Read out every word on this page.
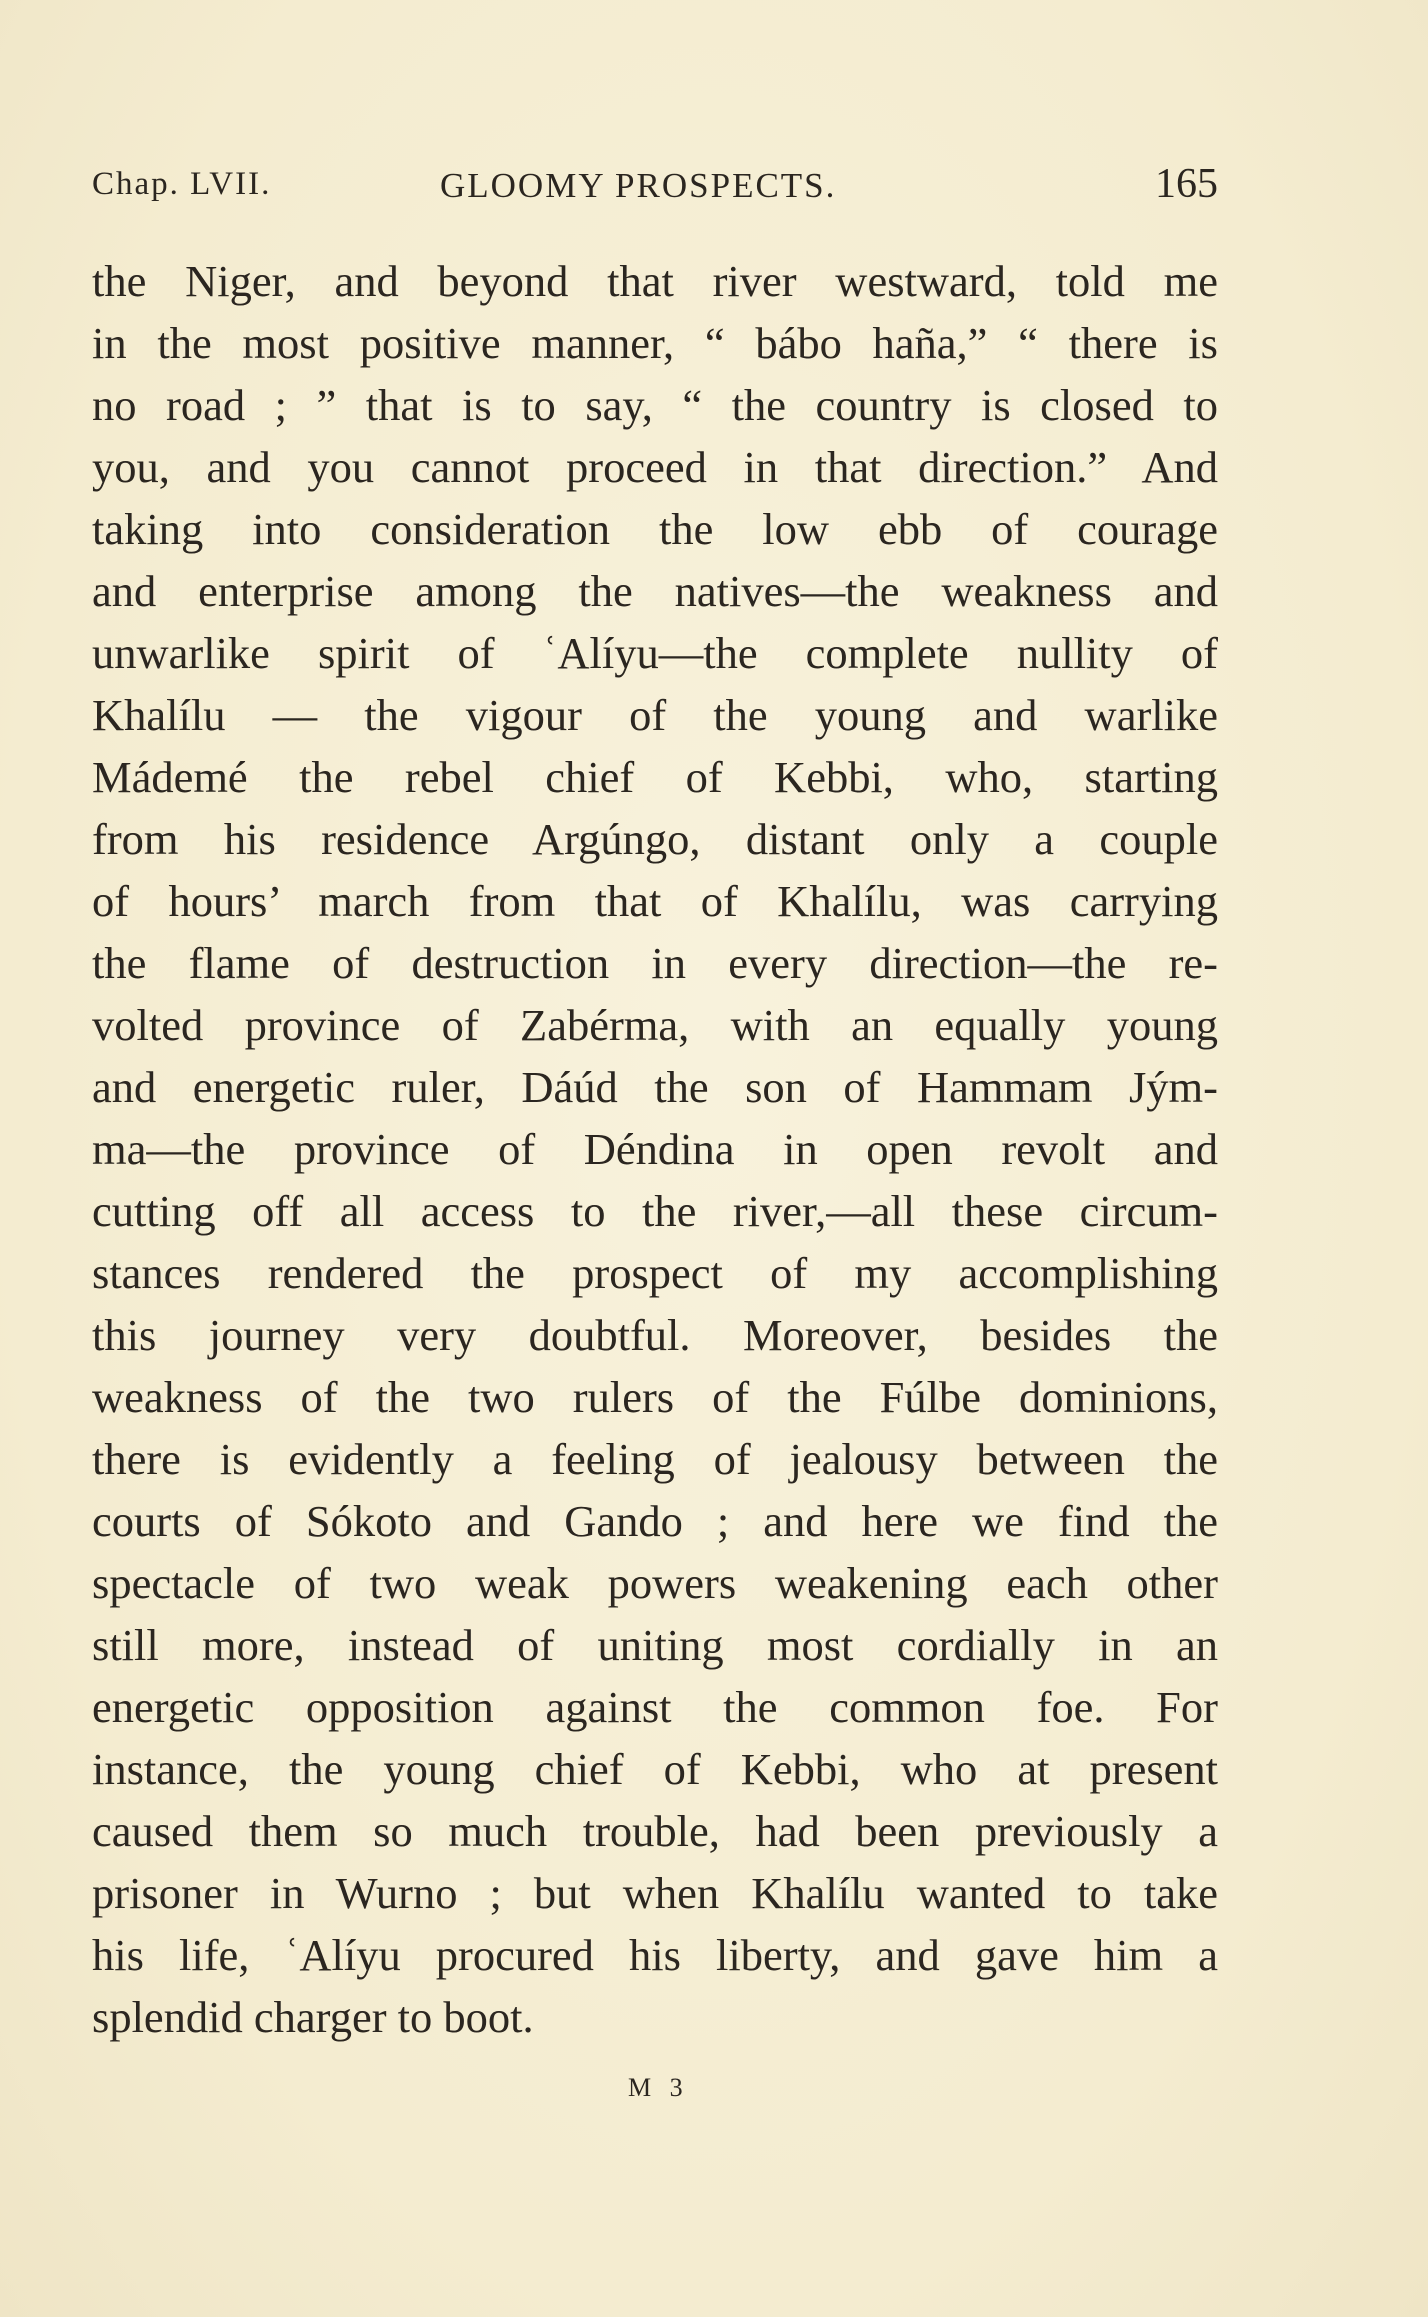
Chap. LVII.	GLOOMY PROSPECTS.	165
the Niger, and beyond that river westward, told me
in the most positive manner, “ bábo haña,” “ there is
no road ; ” that is to say, “ the country is closed to
you, and you cannot proceed in that direction.” And
taking into consideration the low ebb of courage
and enterprise among the natives—the weakness and
unwarlike spirit of ʿAlíyu—the complete nullity of
Khalílu — the vigour of the young and warlike
Mádemé the rebel chief of Kebbi, who, starting
from his residence Argúngo, distant only a couple
of hours’ march from that of Khalílu, was carrying
the flame of destruction in every direction—the re-
volted province of Zabérma, with an equally young
and energetic ruler, Dáúd the son of Hammam Jým-
ma—the province of Déndina in open revolt and
cutting off all access to the river,—all these circum-
stances rendered the prospect of my accomplishing
this journey very doubtful. Moreover, besides the
weakness of the two rulers of the Fúlbe dominions,
there is evidently a feeling of jealousy between the
courts of Sókoto and Gando ; and here we find the
spectacle of two weak powers weakening each other
still more, instead of uniting most cordially in an
energetic opposition against the common foe. For
instance, the young chief of Kebbi, who at present
caused them so much trouble, had been previously a
prisoner in Wurno ; but when Khalílu wanted to take
his life, ʿAlíyu procured his liberty, and gave him a
splendid charger to boot.
M 3
